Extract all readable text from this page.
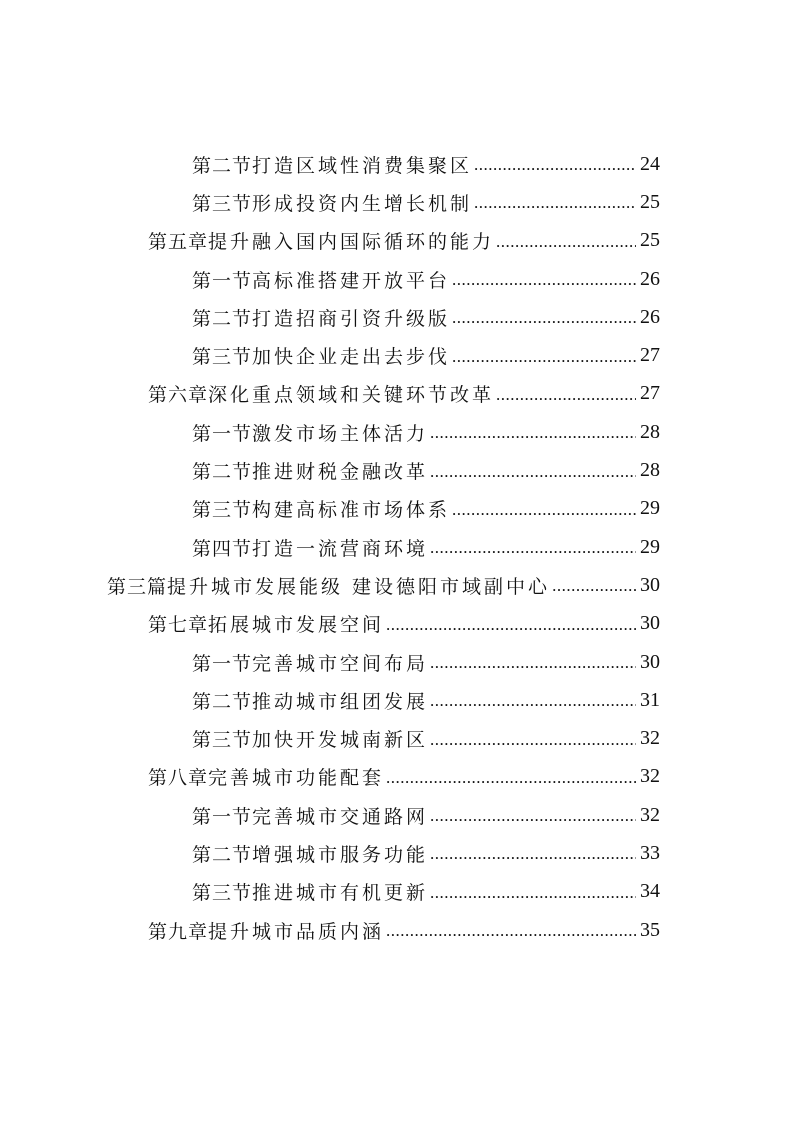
第二节 打造区域性消费集聚区 .....	24
第三节 形成投资内生增长机制 .....	25
第五章 提升融入国内国际循环的能力 .....	25
第一节 高标准搭建开放平台 .....	26
第二节 打造招商引资升级版 .....	26
第三节 加快企业走出去步伐 .....	27
第六章 深化重点领域和关键环节改革 .....	27
第一节 激发市场主体活力 .....	28
第二节 推进财税金融改革 .....	28
第三节 构建高标准市场体系 .....	29
第四节 打造一流营商环境 .....	29
第三篇 提升城市发展能级 建设德阳市域副中心 .....	30
第七章 拓展城市发展空间 .....	30
第一节 完善城市空间布局 .....	30
第二节 推动城市组团发展 .....	31
第三节 加快开发城南新区 .....	32
第八章 完善城市功能配套 .....	32
第一节 完善城市交通路网 .....	32
第二节 增强城市服务功能 .....	33
第三节 推进城市有机更新 .....	34
第九章 提升城市品质内涵 .....	35
